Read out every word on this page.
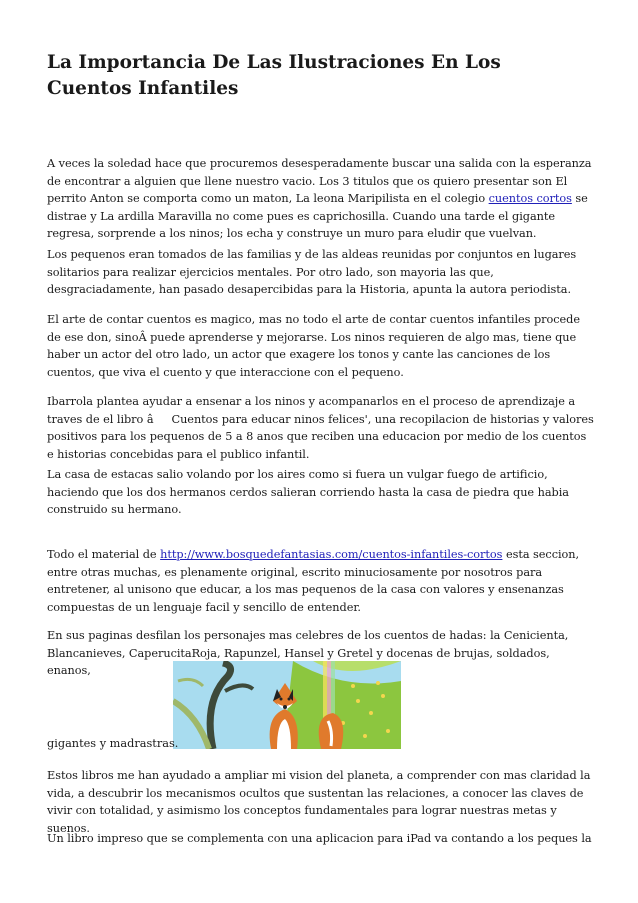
La Importancia De Las Ilustraciones En Los Cuentos Infantiles

A veces la soledad hace que procuremos desesperadamente buscar una salida con la esperanza de encontrar a alguien que llene nuestro vacio. Los 3 titulos que os quiero presentar son El perrito Anton se comporta como un maton, La leona Maripilista en el colegio cuentos cortos se distrae y La ardilla Maravilla no come pues es caprichosilla. Cuando una tarde el gigante regresa, sorprende a los ninos; los echa y construye un muro para eludir que vuelvan.

Los pequenos eran tomados de las familias y de las aldeas reunidas por conjuntos en lugares solitarios para realizar ejercicios mentales. Por otro lado, son mayoria las que, desgraciadamente, han pasado desapercibidas para la Historia, apunta la autora periodista.

El arte de contar cuentos es magico, mas no todo el arte de contar cuentos infantiles procede de ese don, sinoÂ puede aprenderse y mejorarse. Los ninos requieren de algo mas, tiene que haber un actor del otro lado, un actor que exagere los tonos y cante las canciones de los cuentos, que viva el cuento y que interaccione con el pequeno.

Ibarrola plantea ayudar a ensenar a los ninos y acompanarlos en el proceso de aprendizaje a traves de el libro âCuentos para educar ninos felices', una recopilacion de historias y valores positivos para los pequenos de 5 a 8 anos que reciben una educacion por medio de los cuentos e historias concebidas para el publico infantil.

La casa de estacas salio volando por los aires como si fuera un vulgar fuego de artificio, haciendo que los dos hermanos cerdos salieran corriendo hasta la casa de piedra que habia construido su hermano.

Todo el material de http://www.bosquedefantasias.com/cuentos-infantiles-cortos esta seccion, entre otras muchas, es plenamente original, escrito minuciosamente por nosotros para entretener, al unisono que educar, a los mas pequenos de la casa con valores y ensenanzas compuestas de un lenguaje facil y sencillo de entender.

En sus paginas desfilan los personajes mas celebres de los cuentos de hadas: la Cenicienta, Blancanieves, CaperucitaRoja, Rapunzel, Hansel y Gretel y docenas de brujas, soldados, enanos,

gigantes y madrastras.

Estos libros me han ayudado a ampliar mi vision del planeta, a comprender con mas claridad la vida, a descubrir los mecanismos ocultos que sustentan las relaciones, a conocer las claves de vivir con totalidad, y asimismo los conceptos fundamentales para lograr nuestras metas y suenos.

Un libro impreso que se complementa con una aplicacion para iPad va contando a los peques la
